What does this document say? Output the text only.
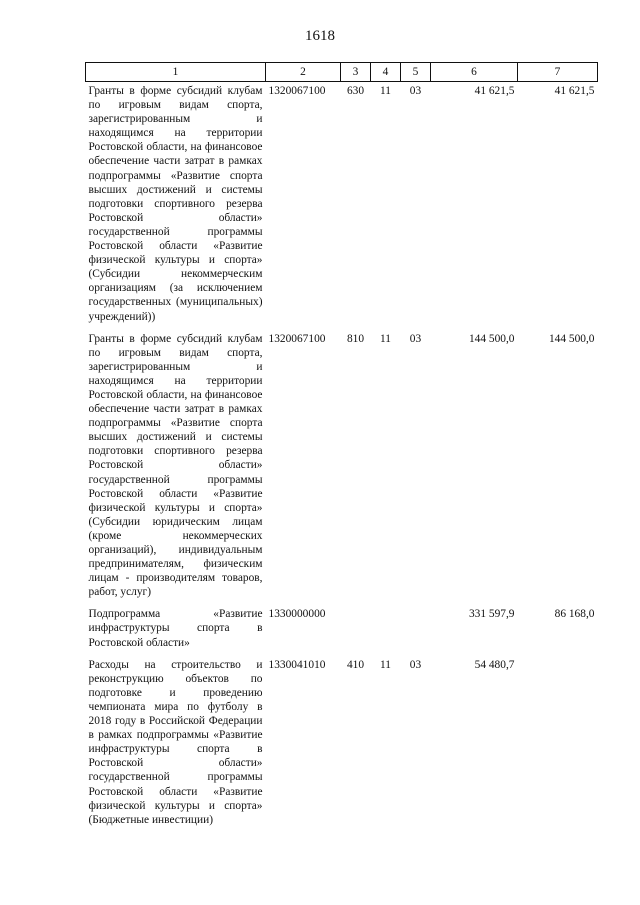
1618
1	2	3	4	5	6	7
Гранты в форме субсидий клубам по игровым видам спорта, зарегистрированным и находящимся на территории Ростовской области, на финансовое обеспечение части затрат в рамках подпрограммы «Развитие спорта высших достижений и системы подготовки спортивного резерва Ростовской области» государственной программы Ростовской области «Развитие физической культуры и спорта» (Субсидии некоммерческим организациям (за исключением государственных (муниципальных) учреждений))	1320067100	630	11	03	41 621,5	41 621,5
Гранты в форме субсидий клубам по игровым видам спорта, зарегистрированным и находящимся на территории Ростовской области, на финансовое обеспечение части затрат в рамках подпрограммы «Развитие спорта высших достижений и системы подготовки спортивного резерва Ростовской области» государственной программы Ростовской области «Развитие физической культуры и спорта» (Субсидии юридическим лицам (кроме некоммерческих организаций), индивидуальным предпринимателям, физическим лицам - производителям товаров, работ, услуг)	1320067100	810	11	03	144 500,0	144 500,0
Подпрограмма «Развитие инфраструктуры спорта в Ростовской области»	1330000000				331 597,9	86 168,0
Расходы на строительство и реконструкцию объектов по подготовке и проведению чемпионата мира по футболу в 2018 году в Российской Федерации в рамках подпрограммы «Развитие инфраструктуры спорта в Ростовской области» государственной программы Ростовской области «Развитие физической культуры и спорта» (Бюджетные инвестиции)	1330041010	410	11	03	54 480,7	
